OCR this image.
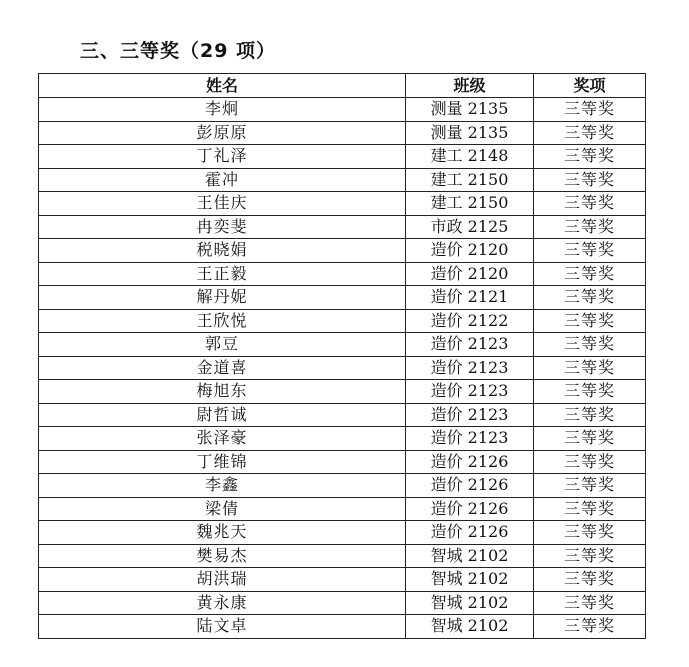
三、三等奖（29 项）
姓名	班级	奖项
李炯	测量 2135	三等奖
彭原原	测量 2135	三等奖
丁礼泽	建工 2148	三等奖
霍冲	建工 2150	三等奖
王佳庆	建工 2150	三等奖
冉奕斐	市政 2125	三等奖
税晓娟	造价 2120	三等奖
王正毅	造价 2120	三等奖
解丹妮	造价 2121	三等奖
王欣悦	造价 2122	三等奖
郭豆	造价 2123	三等奖
金道喜	造价 2123	三等奖
梅旭东	造价 2123	三等奖
尉哲诚	造价 2123	三等奖
张泽豪	造价 2123	三等奖
丁维锦	造价 2126	三等奖
李鑫	造价 2126	三等奖
梁倩	造价 2126	三等奖
魏兆天	造价 2126	三等奖
樊易杰	智城 2102	三等奖
胡洪瑞	智城 2102	三等奖
黄永康	智城 2102	三等奖
陆文卓	智城 2102	三等奖
